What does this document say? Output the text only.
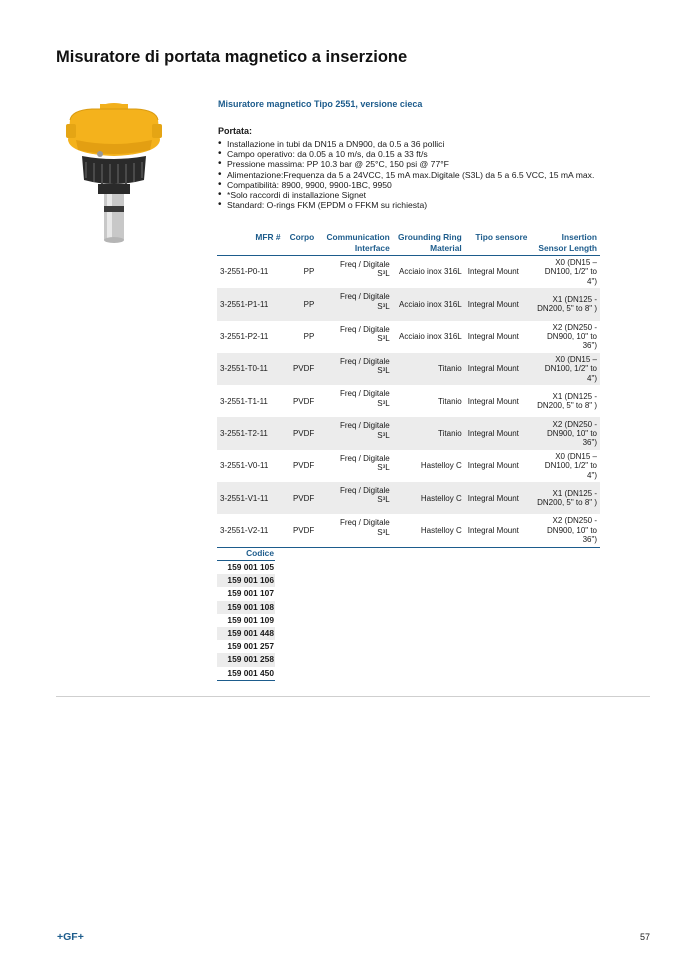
Misuratore di portata magnetico a inserzione
Misuratore magnetico Tipo 2551, versione cieca
Portata:
• Installazione in tubi da DN15 a DN900, da 0.5 a 36 pollici
• Campo operativo: da 0.05 a 10 m/s, da 0.15 a 33 ft/s
• Pressione massima: PP 10.3 bar @ 25°C, 150 psi @ 77°F
• Alimentazione:Frequenza da 5 a 24VCC, 15 mA max.Digitale (S3L) da 5 a 6.5 VCC, 15 mA max.
• Compatibilità: 8900, 9900, 9900-1BC, 9950
• *Solo raccordi di installazione Signet
• Standard: O-rings FKM (EPDM o FFKM su richiesta)
MFR #	Corpo	Communication Interface	Grounding Ring Material	Tipo sensore	Insertion Sensor Length
3-2551-P0-11	PP	Freq / Digitale
S³L	Acciaio inox 316L	Integral Mount	X0 (DN15 – DN100, 1/2" to 4")
3-2551-P1-11	PP	Freq / Digitale
S³L	Acciaio inox 316L	Integral Mount	X1 (DN125 - DN200, 5" to 8" )
3-2551-P2-11	PP	Freq / Digitale
S³L	Acciaio inox 316L	Integral Mount	X2 (DN250 - DN900, 10" to 36")
3-2551-T0-11	PVDF	Freq / Digitale
S³L	Titanio	Integral Mount	X0 (DN15 – DN100, 1/2" to 4")
3-2551-T1-11	PVDF	Freq / Digitale
S³L	Titanio	Integral Mount	X1 (DN125 - DN200, 5" to 8" )
3-2551-T2-11	PVDF	Freq / Digitale
S³L	Titanio	Integral Mount	X2 (DN250 - DN900, 10" to 36")
3-2551-V0-11	PVDF	Freq / Digitale
S³L	Hastelloy C	Integral Mount	X0 (DN15 – DN100, 1/2" to 4")
3-2551-V1-11	PVDF	Freq / Digitale
S³L	Hastelloy C	Integral Mount	X1 (DN125 - DN200, 5" to 8" )
3-2551-V2-11	PVDF	Freq / Digitale
S³L	Hastelloy C	Integral Mount	X2 (DN250 - DN900, 10" to 36")
Codice
159 001 105
159 001 106
159 001 107
159 001 108
159 001 109
159 001 448
159 001 257
159 001 258
159 001 450
+GF+	57
